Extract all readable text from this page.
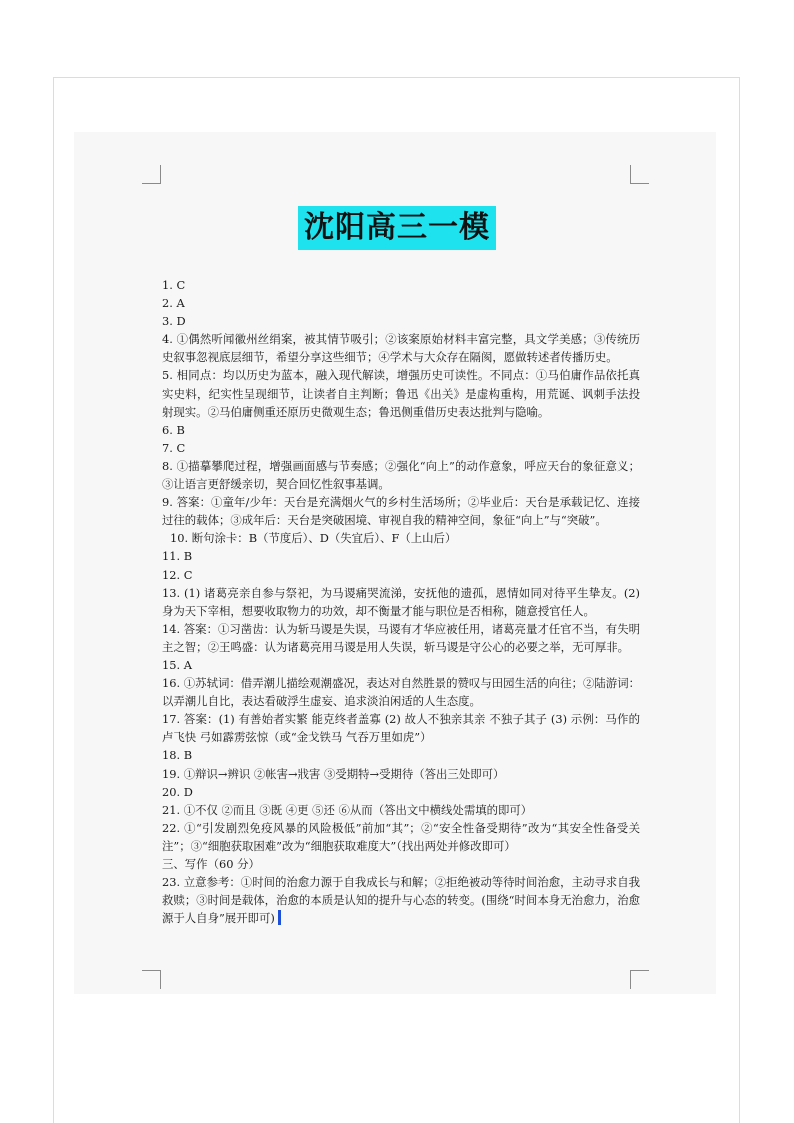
沈阳高三一模
1. C
2. A
3. D
4. ①偶然听闻徽州丝绢案，被其情节吸引；②该案原始材料丰富完整，具文学美感；③传统历史叙事忽视底层细节，希望分享这些细节；④学术与大众存在隔阂，愿做转述者传播历史。
5. 相同点：均以历史为蓝本，融入现代解读，增强历史可读性。不同点：①马伯庸作品依托真实史料，纪实性呈现细节，让读者自主判断；鲁迅《出关》是虚构重构，用荒诞、讽刺手法投射现实。②马伯庸侧重还原历史微观生态；鲁迅侧重借历史表达批判与隐喻。
6. B
7. C
8. ①描摹攀爬过程，增强画面感与节奏感；②强化“向上”的动作意象，呼应天台的象征意义；③让语言更舒缓亲切，契合回忆性叙事基调。
9. 答案：①童年/少年：天台是充满烟火气的乡村生活场所；②毕业后：天台是承载记忆、连接过往的载体；③成年后：天台是突破困境、审视自我的精神空间，象征“向上”与“突破”。
10. 断句涂卡：B（节度后）、D（失宜后）、F（上山后）
11. B
12. C
13. (1) 诸葛亮亲自参与祭祀，为马谡痛哭流涕，安抚他的遗孤，恩情如同对待平生挚友。(2) 身为天下宰相，想要收取物力的功效，却不衡量才能与职位是否相称，随意授官任人。
14. 答案：①习凿齿：认为斩马谡是失误，马谡有才华应被任用，诸葛亮量才任官不当，有失明主之智；②王鸣盛：认为诸葛亮用马谡是用人失误，斩马谡是守公心的必要之举，无可厚非。
15. A
16. ①苏轼词：借弄潮儿描绘观潮盛况，表达对自然胜景的赞叹与田园生活的向往；②陆游词：以弄潮儿自比，表达看破浮生虚妄、追求淡泊闲适的人生态度。
17. 答案：(1) 有善始者实繁 能克终者盖寡 (2) 故人不独亲其亲 不独子其子 (3) 示例：马作的卢飞快 弓如霹雳弦惊（或“金戈铁马 气吞万里如虎”）
18. B
19. ①辩识→辨识 ②帐害→戕害 ③受期特→受期待（答出三处即可）
20. D
21. ①不仅 ②而且 ③既 ④更 ⑤还 ⑥从而（答出文中横线处需填的即可）
22. ①“引发剧烈免疫风暴的风险极低”前加“其”；②“安全性备受期待”改为“其安全性备受关注”；③“细胞获取困难”改为“细胞获取难度大”（找出两处并修改即可）
三、写作（60 分）
23. 立意参考：①时间的治愈力源于自我成长与和解；②拒绝被动等待时间治愈，主动寻求自我救赎；③时间是载体，治愈的本质是认知的提升与心态的转变。(围绕“时间本身无治愈力，治愈源于人自身”展开即可)
